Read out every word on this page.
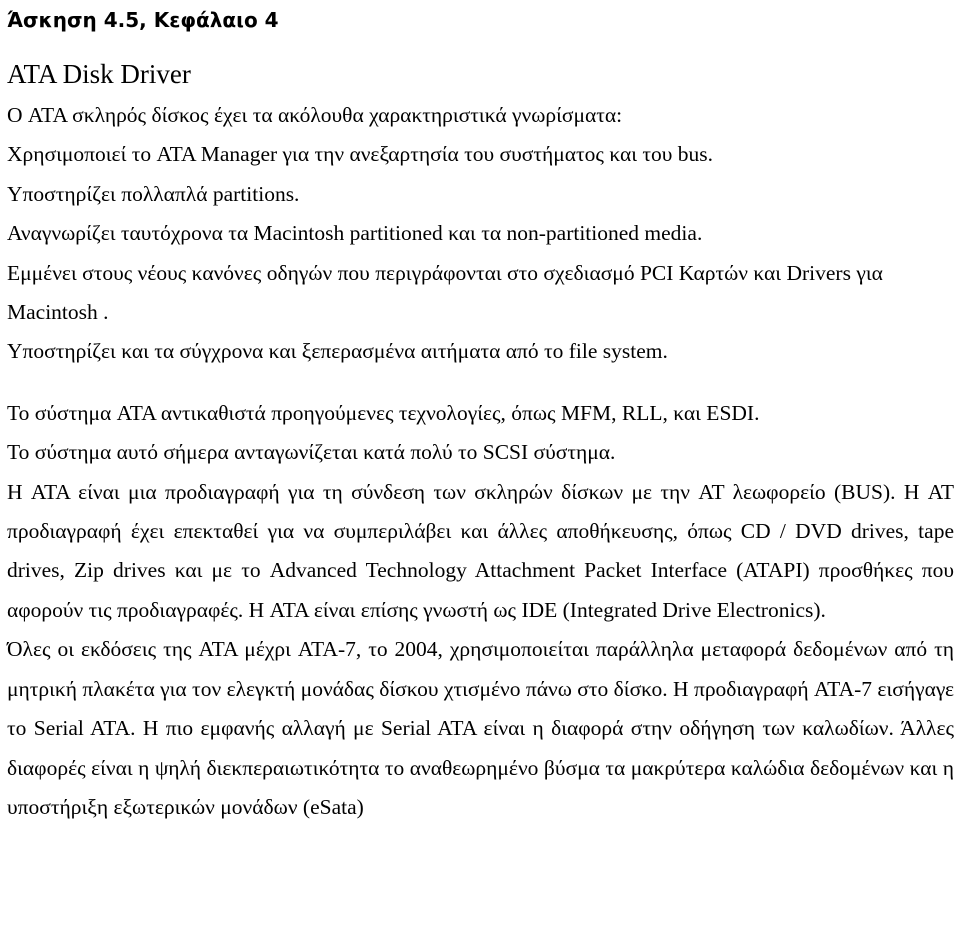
Άσκηση 4.5, Κεφάλαιο 4
ATA Disk Driver

Ο ATA σκληρός δίσκος έχει τα ακόλουθα χαρακτηριστικά γνωρίσματα:

Χρησιμοποιεί το ATA Manager για την ανεξαρτησία του συστήματος και του bus.

Υποστηρίζει πολλαπλά partitions.

Αναγνωρίζει ταυτόχρονα τα Macintosh partitioned και τα non-partitioned media.

Εμμένει στους νέους κανόνες οδηγών που περιγράφονται στο σχεδιασμό PCI Καρτών και Drivers για Macintosh .

Υποστηρίζει και τα σύγχρονα και ξεπερασμένα αιτήματα από το file system.

Το σύστημα ATA αντικαθιστά προηγούμενες τεχνολογίες, όπως MFM, RLL, και ESDI.

Το σύστημα αυτό σήμερα ανταγωνίζεται κατά πολύ το SCSI σύστημα.

Η ATA είναι μια προδιαγραφή για τη σύνδεση των σκληρών δίσκων με την AT λεωφορείο (BUS). Η AT προδιαγραφή έχει επεκταθεί για να συμπεριλάβει και άλλες αποθήκευσης, όπως CD / DVD drives, tape drives, Zip drives και με το Advanced Technology Attachment Packet Interface (ATAPI) προσθήκες που αφορούν τις προδιαγραφές. Η ATA είναι επίσης γνωστή ως IDE (Integrated Drive Electronics).

Όλες οι εκδόσεις της ATA μέχρι ATA-7, το 2004, χρησιμοποιείται παράλληλα μεταφορά δεδομένων από τη μητρική πλακέτα για τον ελεγκτή μονάδας δίσκου χτισμένο πάνω στο δίσκο. Η προδιαγραφή ATA-7 εισήγαγε το Serial ATA. Η πιο εμφανής αλλαγή με Serial ATA είναι η διαφορά στην οδήγηση των καλωδίων. Άλλες διαφορές είναι η ψηλή διεκπεραιωτικότητα το αναθεωρημένο βύσμα τα μακρύτερα καλώδια δεδομένων και η υποστήριξη εξωτερικών μονάδων (eSata)
